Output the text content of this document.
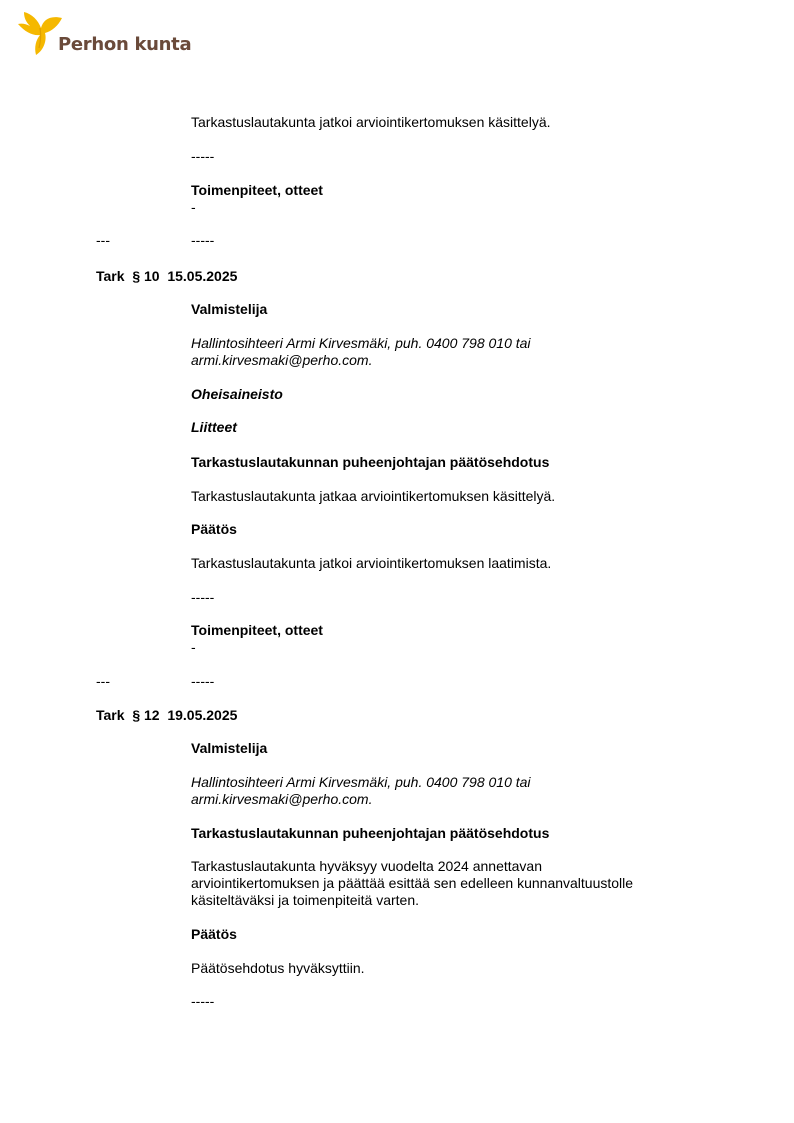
Perhon kunta
Tarkastuslautakunta jatkoi arviointikertomuksen käsittelyä.
-----
Toimenpiteet, otteet
-
---	-----
Tark  § 10  15.05.2025
Valmistelija
Hallintosihteeri Armi Kirvesmäki, puh. 0400 798 010 tai
armi.kirvesmaki@perho.com.
Oheisaineisto
Liitteet
Tarkastuslautakunnan puheenjohtajan päätösehdotus
Tarkastuslautakunta jatkaa arviointikertomuksen käsittelyä.
Päätös
Tarkastuslautakunta jatkoi arviointikertomuksen laatimista.
-----
Toimenpiteet, otteet
-
---	-----
Tark  § 12  19.05.2025
Valmistelija
Hallintosihteeri Armi Kirvesmäki, puh. 0400 798 010 tai
armi.kirvesmaki@perho.com.
Tarkastuslautakunnan puheenjohtajan päätösehdotus
Tarkastuslautakunta hyväksyy vuodelta 2024 annettavan
arviointikertomuksen ja päättää esittää sen edelleen kunnanvaltuustolle
käsiteltäväksi ja toimenpiteitä varten.
Päätös
Päätösehdotus hyväksyttiin.
-----
